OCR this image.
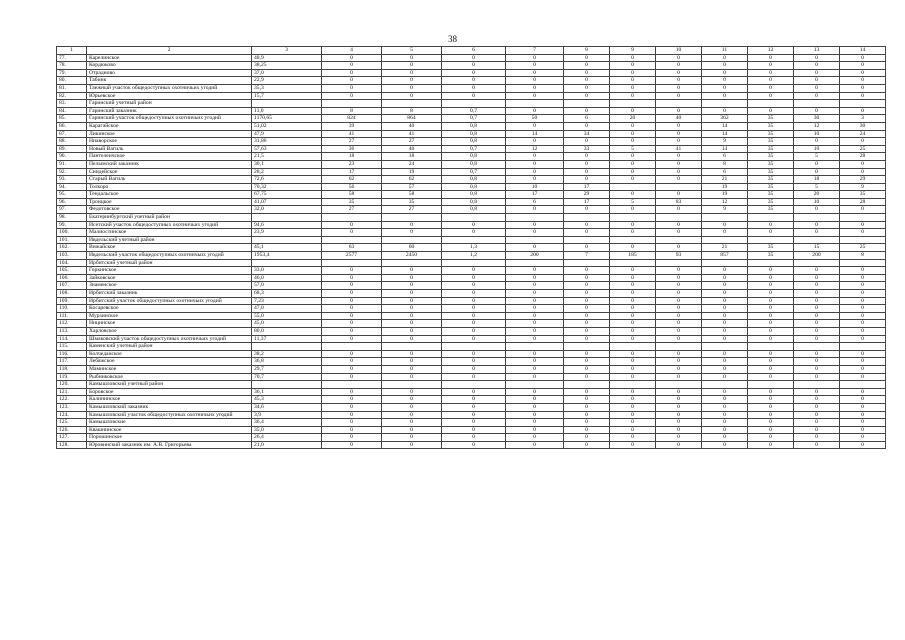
38
1	2	3	4	5	6	7	8	9	10	11	12	13	14
77.	Карелинское	48,9	0	0	0	0	0	0	0	0	0	0	0
78.	Кордюково	38,25	0	0	0	0	0	0	0	0	0	0	0
79.	Отрадново	37,0	0	0	0	0	0	0	0	0	0	0	0
80.	Табинк	22,9	0	0	0	0	0	0	0	0	0	0	0
81.	Таежный участок общедоступных охотничьих угодий	35,3	0	0	0	0	0	0	0	0	0	0	0
82.	Юрьевское	15,7	0	0	0	0	0	0	0	0	0	0	0
83.	Гаринский учетный район												
84.	Гаринский заказник	11,0	8	8	0,7	0	0	0	0	0	0	0	0
85.	Гаринский участок общедоступных охотничьих угодий	1170,65	824	864	0,7	50	6	20	40	362	35	30	3
86.	Карагайское	51,02	39	40	0,8	0	0	0	0	14	35	12	30
87.	Ликинское	47,9	41	41	0,8	14	34	0	0	14	35	10	24
88.	Ниаворское	31,86	27	27	0,8	0	0	0	0	9	35	0	0
89.	Новый Вагиль	57,63	36	40	0,7	12	33	5	41	14	35	10	25
90.	Пантелеичское	21,5	18	18	0,8	0	0	0	0	6	35	5	28
91.	Пелымский заказник	30,1	23	24	0,8	0	0	0	0	8	35	0	0
92.	Сиидейское	28,2	17	19	0,7	0	0	0	0	6	35	0	0
93.	Старый Вагиль	72,6	62	62	0,8	0	0	0	0	21	35	18	29
94.	Толкоро	70,32	56	57	0,8	10	17			19	35	5	9
95.	Тендальское	67,75	58	58	0,8	17	29	0	0	19	35	20	35
96.	Троицкое	41,07	35	35	0,8	6	17	5	83	12	35	10	28
97.	Федотовское	32,0	27	27	0,8	0	0	0	0	9	35	0	0
98.	Екатеринбургский учетный район												
99.	Исетский участок общедоступных охотничьих угодий	94,6	0	0	0	0	0	0	0	0	0	0	0
100.	Малиостинское	23,9	0	0	0	0	0	0	0	0	0	0	0
101.	Ивдельский учетный район												
102.	Вижайское	45,1	63	60	1,3	0	0	0	0	21	35	15	25
103.	Ивдельский участок общедоступных охотничьих угодий	1953,4	2577	2450	1,2	200	7	185	93	857	35	200	8
104.	Ирбитский учетный район												
105.	Горкинское	33,0	0	0	0	0	0	0	0	0	0	0	0
106.	Зайковское	46,0	0	0	0	0	0	0	0	0	0	0	0
107.	Знаменское	57,0	0	0	0	0	0	0	0	0	0	0	0
108.	Ирбитский заказник	68,3	0	0	0	0	0	0	0	0	0	0	0
109.	Ирбитский участок общедоступных охотничьих угодий	7,23	0	0	0	0	0	0	0	0	0	0	0
110.	Косаревское	47,0	0	0	0	0	0	0	0	0	0	0	0
111.	Мурзинское	55,0	0	0	0	0	0	0	0	0	0	0	0
112.	Ницинское	45,0	0	0	0	0	0	0	0	0	0	0	0
113.	Харловское	80,0	0	0	0	0	0	0	0	0	0	0	0
114.	Шмаковский участок общедоступных охотничьих угодий	11,37	0	0	0	0	0	0	0	0	0	0	0
115.	Каменский учетный район												
116.	Колчеданское	38,2	0	0	0	0	0	0	0	0	0	0	0
117.	Лебяжское	36,8	0	0	0	0	0	0	0	0	0	0	0
118.	Маминское	29,7	0	0	0	0	0	0	0	0	0	0	0
119.	Рыбниковское	70,7	0	0	0	0	0	0	0	0	0	0	0
120.	Камышловский учетный район												
121.	Боровское	36,1	0	0	0	0	0	0	0	0	0	0	0
122.	Калининское	45,3	0	0	0	0	0	0	0	0	0	0	0
123.	Камышловский заказник	34,6	0	0	0	0	0	0	0	0	0	0	0
124.	Камышловский участок общедоступных охотничьих угодий	3,9	0	0	0	0	0	0	0	0	0	0	0
125.	Камышловские	36,4	0	0	0	0	0	0	0	0	0	0	0
126.	Квашнинское	35,0	0	0	0	0	0	0	0	0	0	0	0
127.	Порошинское	26,4	0	0	0	0	0	0	0	0	0	0	0
128.	Юровинский заказник им. А.В. Григорьева	21,0	0	0	0	0	0	0	0	0	0	0	0
